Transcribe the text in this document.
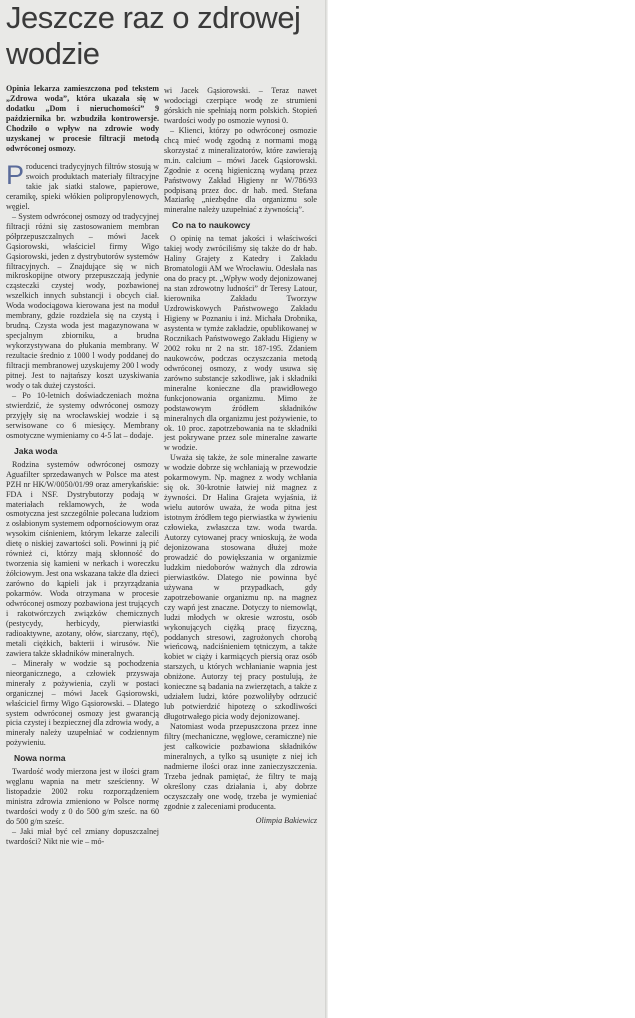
Jeszcze raz o zdrowej wodzie

Opinia lekarza zamieszczona pod tekstem „Zdrowa woda”, która ukazała się w dodatku „Dom i nieruchomości” 9 października br. wzbudziła kontrowersje. Chodziło o wpływ na zdrowie wody uzyskanej w procesie filtracji metodą odwróconej osmozy.

Producenci tradycyjnych filtrów stosują w swoich produktach materiały filtracyjne takie jak siatki stalowe, papierowe, ceramikę, spieki włókien polipropylenowych, węgiel.

– System odwróconej osmozy od tradycyjnej filtracji różni się zastosowaniem membran półprzepuszczalnych – mówi Jacek Gąsiorowski, właściciel firmy Wigo Gąsiorowski, jeden z dystrybutorów systemów filtracyjnych. – Znajdujące się w nich mikroskopijne otwory przepuszczają jedynie cząsteczki czystej wody, pozbawionej wszelkich innych substancji i obcych ciał. Woda wodociągowa kierowana jest na moduł membrany, gdzie rozdziela się na czystą i brudną. Czysta woda jest magazynowana w specjalnym zbiorniku, a brudna wykorzystywana do płukania membrany. W rezultacie średnio z 1000 l wody poddanej do filtracji membranowej uzyskujemy 200 l wody pitnej. Jest to najtańszy koszt uzyskiwania wody o tak dużej czystości.

– Po 10-letnich doświadczeniach można stwierdzić, że systemy odwróconej osmozy przyjęły się na wrocławskiej wodzie i są serwisowane co 6 miesięcy. Membrany osmotyczne wymieniamy co 4-5 lat – dodaje.

Jaka woda

Rodzina systemów odwróconej osmozy Aguafilter sprzedawanych w Polsce ma atest PZH nr HK/W/0050/01/99 oraz amerykańskie: FDA i NSF. Dystrybutorzy podają w materiałach reklamowych, że woda osmotyczna jest szczególnie polecana ludziom z osłabionym systemem odpornościowym oraz wysokim ciśnieniem, którym lekarze zalecili dietę o niskiej zawartości soli. Powinni ją pić również ci, którzy mają skłonność do tworzenia się kamieni w nerkach i woreczku żółciowym. Jest ona wskazana także dla dzieci zarówno do kąpieli jak i przyrządzania pokarmów. Woda otrzymana w procesie odwróconej osmozy pozbawiona jest trujących i rakotwórczych związków chemicznych (pestycydy, herbicydy, pierwiastki radioaktywne, azotany, ołów, siarczany, rtęć), metali ciężkich, bakterii i wirusów. Nie zawiera także składników mineralnych.

– Minerały w wodzie są pochodzenia nieorganicznego, a człowiek przyswaja minerały z pożywienia, czyli w postaci organicznej – mówi Jacek Gąsiorowski, właściciel firmy Wigo Gąsiorowski. – Dlatego system odwróconej osmozy jest gwarancją picia czystej i bezpiecznej dla zdrowia wody, a minerały należy uzupełniać w codziennym pożywieniu.

Nowa norma

Twardość wody mierzona jest w ilości gram węglanu wapnia na metr sześcienny. W listopadzie 2002 roku rozporządzeniem ministra zdrowia zmieniono w Polsce normę twardości wody z 0 do 500 g/m sześc. na 60 do 500 g/m sześc.

– Jaki miał być cel zmiany dopuszczalnej twardości? Nikt nie wie – mó-

wi Jacek Gąsiorowski. – Teraz nawet wodociągi czerpiące wodę ze strumieni górskich nie spełniają norm polskich. Stopień twardości wody po osmozie wynosi 0.

– Klienci, którzy po odwróconej osmozie chcą mieć wodę zgodną z normami mogą skorzystać z mineralizatorów, które zawierają m.in. calcium – mówi Jacek Gąsiorowski. Zgodnie z oceną higieniczną wydaną przez Państwowy Zakład Higieny nr W/786/93 podpisaną przez doc. dr hab. med. Stefana Maziarkę „niezbędne dla organizmu sole mineralne należy uzupełniać z żywnością”.

Co na to naukowcy

O opinię na temat jakości i właściwości takiej wody zwróciliśmy się także do dr hab. Haliny Grajety z Katedry i Zakładu Bromatologii AM we Wrocławiu. Odesłała nas ona do pracy pt. „Wpływ wody dejonizowanej na stan zdrowotny ludności” dr Teresy Latour, kierownika Zakładu Tworzyw Uzdrowiskowych Państwowego Zakładu Higieny w Poznaniu i inż. Michała Drobnika, asystenta w tymże zakładzie, opublikowanej w Rocznikach Państwowego Zakładu Higieny w 2002 roku nr 2 na str. 187-195. Zdaniem naukowców, podczas oczyszczania metodą odwróconej osmozy, z wody usuwa się zarówno substancje szkodliwe, jak i składniki mineralne konieczne dla prawidłowego funkcjonowania organizmu. Mimo że podstawowym źródłem składników mineralnych dla organizmu jest pożywienie, to ok. 10 proc. zapotrzebowania na te składniki jest pokrywane przez sole mineralne zawarte w wodzie.

Uważa się także, że sole mineralne zawarte w wodzie dobrze się wchłaniają w przewodzie pokarmowym. Np. magnez z wody wchłania się ok. 30-krotnie łatwiej niż magnez z żywności. Dr Halina Grajeta wyjaśnia, iż wielu autorów uważa, że woda pitna jest istotnym źródłem tego pierwiastka w żywieniu człowieka, zwłaszcza tzw. woda twarda. Autorzy cytowanej pracy wnioskują, że woda dejonizowana stosowana dłużej może prowadzić do powiększania w organizmie ludzkim niedoborów ważnych dla zdrowia pierwiastków. Dlatego nie powinna być używana w przypadkach, gdy zapotrzebowanie organizmu np. na magnez czy wapń jest znaczne. Dotyczy to niemowląt, ludzi młodych w okresie wzrostu, osób wykonujących ciężką pracę fizyczną, poddanych stresowi, zagrożonych chorobą wieńcową, nadciśnieniem tętniczym, a także kobiet w ciąży i karmiących piersią oraz osób starszych, u których wchłanianie wapnia jest obniżone. Autorzy tej pracy postulują, że konieczne są badania na zwierzętach, a także z udziałem ludzi, które pozwoliłyby odrzucić lub potwierdzić hipotezę o szkodliwości długotrwałego picia wody dejonizowanej.

Natomiast woda przepuszczona przez inne filtry (mechaniczne, węglowe, ceramiczne) nie jest całkowicie pozbawiona składników mineralnych, a tylko są usunięte z niej ich nadmierne ilości oraz inne zanieczyszczenia. Trzeba jednak pamiętać, że filtry te mają określony czas działania i, aby dobrze oczyszczały one wodę, trzeba je wymieniać zgodnie z zaleceniami producenta.

Olimpia Bakiewicz
